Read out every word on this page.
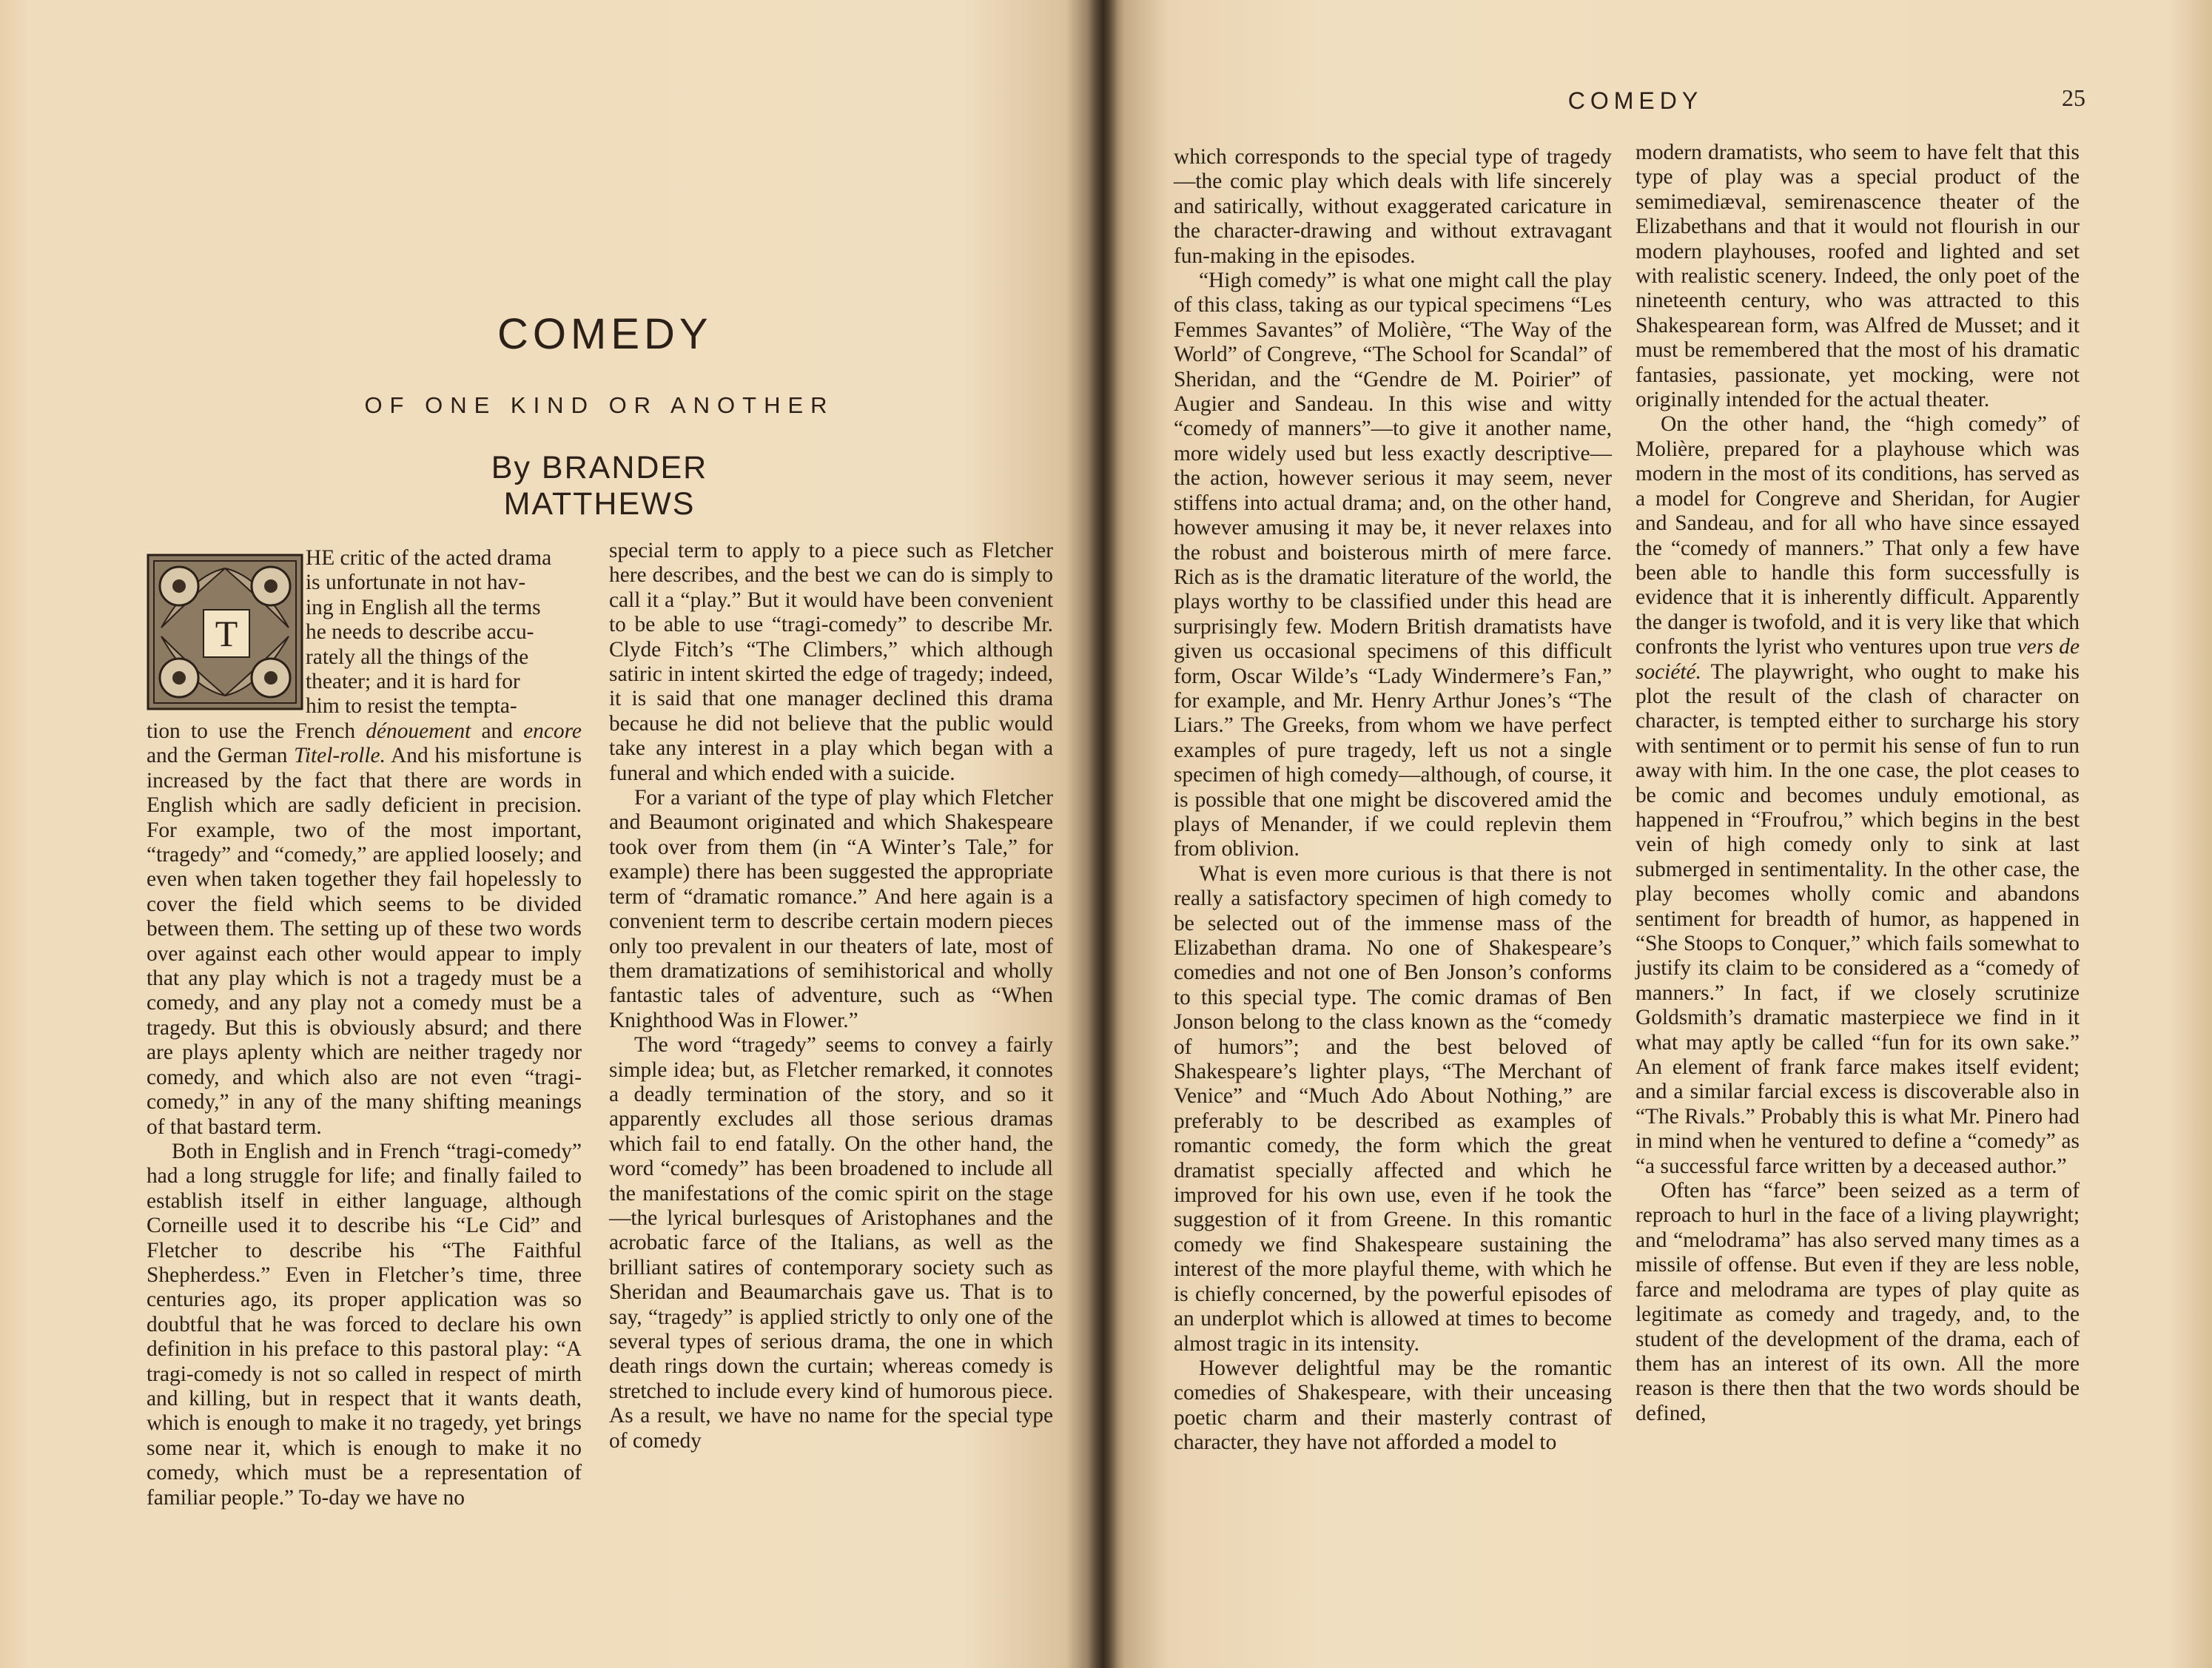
COMEDY
OF ONE KIND OR ANOTHER
By BRANDER MATTHEWS
T
HE critic of the acted drama
is unfortunate in not hav-
ing in English all the terms
he needs to describe accu-
rately all the things of the
theater; and it is hard for
him to resist the tempta-

tion to use the French dénouement and encore and the German Titel-rolle. And his misfortune is increased by the fact that there are words in English which are sadly deficient in precision. For example, two of the most important, “tragedy” and “comedy,” are applied loosely; and even when taken together they fail hopelessly to cover the field which seems to be divided between them. The setting up of these two words over against each other would appear to imply that any play which is not a tragedy must be a comedy, and any play not a comedy must be a tragedy. But this is obviously absurd; and there are plays aplenty which are neither tragedy nor comedy, and which also are not even “tragi-comedy,” in any of the many shifting meanings of that bastard term.

Both in English and in French “tragi-comedy” had a long struggle for life; and finally failed to establish itself in either language, although Corneille used it to describe his “Le Cid” and Fletcher to describe his “The Faithful Shepherdess.” Even in Fletcher’s time, three centuries ago, its proper application was so doubtful that he was forced to declare his own definition in his preface to this pastoral play: “A tragi-comedy is not so called in respect of mirth and killing, but in respect that it wants death, which is enough to make it no tragedy, yet brings some near it, which is enough to make it no comedy, which must be a representation of familiar people.” To-day we have no

special term to apply to a piece such as Fletcher here describes, and the best we can do is simply to call it a “play.” But it would have been convenient to be able to use “tragi-comedy” to describe Mr. Clyde Fitch’s “The Climbers,” which although satiric in intent skirted the edge of tragedy; indeed, it is said that one manager declined this drama because he did not believe that the public would take any interest in a play which began with a funeral and which ended with a suicide.

For a variant of the type of play which Fletcher and Beaumont originated and which Shakespeare took over from them (in “A Winter’s Tale,” for example) there has been suggested the appropriate term of “dramatic romance.” And here again is a convenient term to describe certain modern pieces only too prevalent in our theaters of late, most of them dramatizations of semihistorical and wholly fantastic tales of adventure, such as “When Knighthood Was in Flower.”

The word “tragedy” seems to convey a fairly simple idea; but, as Fletcher remarked, it connotes a deadly termination of the story, and so it apparently excludes all those serious dramas which fail to end fatally. On the other hand, the word “comedy” has been broadened to include all the manifestations of the comic spirit on the stage—the lyrical burlesques of Aristophanes and the acrobatic farce of the Italians, as well as the brilliant satires of contemporary society such as Sheridan and Beaumarchais gave us. That is to say, “tragedy” is applied strictly to only one of the several types of serious drama, the one in which death rings down the curtain; whereas comedy is stretched to include every kind of humorous piece. As a result, we have no name for the special type of comedy

COMEDY	25

which corresponds to the special type of tragedy—the comic play which deals with life sincerely and satirically, without exaggerated caricature in the character-drawing and without extravagant fun-making in the episodes.

“High comedy” is what one might call the play of this class, taking as our typical specimens “Les Femmes Savantes” of Molière, “The Way of the World” of Congreve, “The School for Scandal” of Sheridan, and the “Gendre de M. Poirier” of Augier and Sandeau. In this wise and witty “comedy of manners”—to give it another name, more widely used but less exactly descriptive—the action, however serious it may seem, never stiffens into actual drama; and, on the other hand, however amusing it may be, it never relaxes into the robust and boisterous mirth of mere farce. Rich as is the dramatic literature of the world, the plays worthy to be classified under this head are surprisingly few. Modern British dramatists have given us occasional specimens of this difficult form, Oscar Wilde’s “Lady Windermere’s Fan,” for example, and Mr. Henry Arthur Jones’s “The Liars.” The Greeks, from whom we have perfect examples of pure tragedy, left us not a single specimen of high comedy—although, of course, it is possible that one might be discovered amid the plays of Menander, if we could replevin them from oblivion.

What is even more curious is that there is not really a satisfactory specimen of high comedy to be selected out of the immense mass of the Elizabethan drama. No one of Shakespeare’s comedies and not one of Ben Jonson’s conforms to this special type. The comic dramas of Ben Jonson belong to the class known as the “comedy of humors”; and the best beloved of Shakespeare’s lighter plays, “The Merchant of Venice” and “Much Ado About Nothing,” are preferably to be described as examples of romantic comedy, the form which the great dramatist specially affected and which he improved for his own use, even if he took the suggestion of it from Greene. In this romantic comedy we find Shakespeare sustaining the interest of the more playful theme, with which he is chiefly concerned, by the powerful episodes of an underplot which is allowed at times to become almost tragic in its intensity.

However delightful may be the romantic comedies of Shakespeare, with their unceasing poetic charm and their masterly contrast of character, they have not afforded a model to

modern dramatists, who seem to have felt that this type of play was a special product of the semimediæval, semirenascence theater of the Elizabethans and that it would not flourish in our modern playhouses, roofed and lighted and set with realistic scenery. Indeed, the only poet of the nineteenth century, who was attracted to this Shakespearean form, was Alfred de Musset; and it must be remembered that the most of his dramatic fantasies, passionate, yet mocking, were not originally intended for the actual theater.

On the other hand, the “high comedy” of Molière, prepared for a playhouse which was modern in the most of its conditions, has served as a model for Congreve and Sheridan, for Augier and Sandeau, and for all who have since essayed the “comedy of manners.” That only a few have been able to handle this form successfully is evidence that it is inherently difficult. Apparently the danger is twofold, and it is very like that which confronts the lyrist who ventures upon true vers de société. The playwright, who ought to make his plot the result of the clash of character on character, is tempted either to surcharge his story with sentiment or to permit his sense of fun to run away with him. In the one case, the plot ceases to be comic and becomes unduly emotional, as happened in “Froufrou,” which begins in the best vein of high comedy only to sink at last submerged in sentimentality. In the other case, the play becomes wholly comic and abandons sentiment for breadth of humor, as happened in “She Stoops to Conquer,” which fails somewhat to justify its claim to be considered as a “comedy of manners.” In fact, if we closely scrutinize Goldsmith’s dramatic masterpiece we find in it what may aptly be called “fun for its own sake.” An element of frank farce makes itself evident; and a similar farcial excess is discoverable also in “The Rivals.” Probably this is what Mr. Pinero had in mind when he ventured to define a “comedy” as “a successful farce written by a deceased author.”

Often has “farce” been seized as a term of reproach to hurl in the face of a living playwright; and “melodrama” has also served many times as a missile of offense. But even if they are less noble, farce and melodrama are types of play quite as legitimate as comedy and tragedy, and, to the student of the development of the drama, each of them has an interest of its own. All the more reason is there then that the two words should be defined,
